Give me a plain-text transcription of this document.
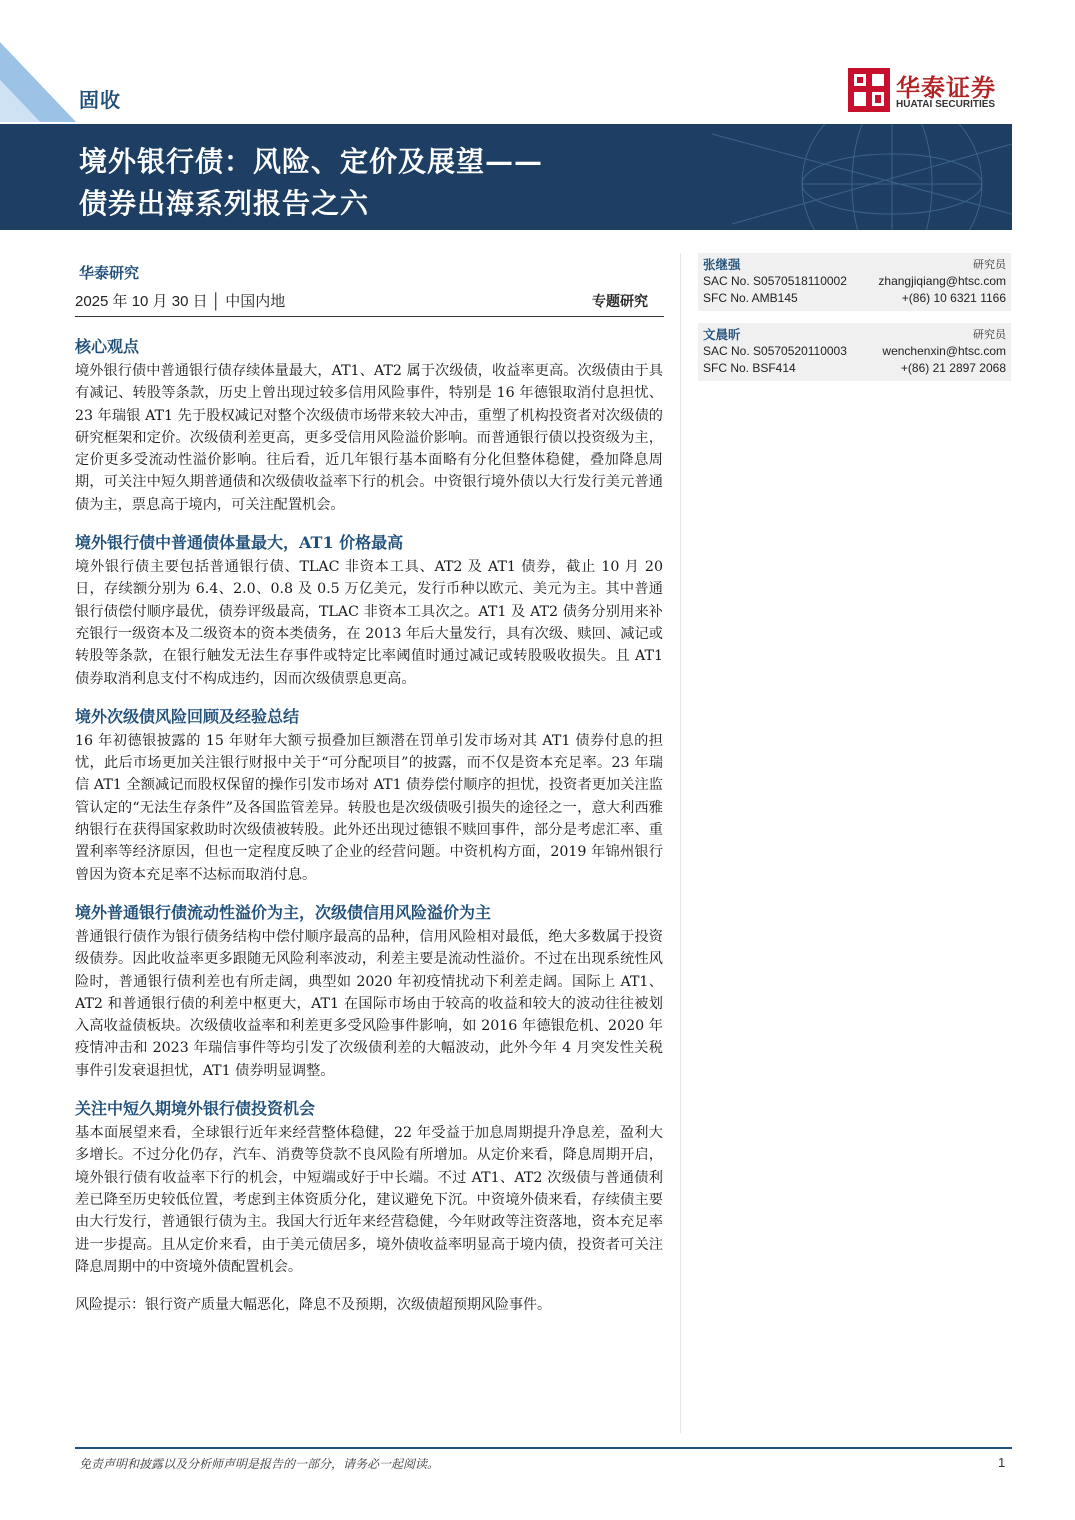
固收	华泰证券
HUATAI SECURITIES
境外银行债：风险、定价及展望——
债券出海系列报告之六
华泰研究
2025 年 10 月 30 日 │ 中国内地	专题研究
张继强	研究员
SAC No. S0570518110002	zhangjiqiang@htsc.com
SFC No. AMB145	+(86) 10 6321 1166
文晨昕	研究员
SAC No. S0570520110003	wenchenxin@htsc.com
SFC No. BSF414	+(86) 21 2897 2068
核心观点
境外银行债中普通银行债存续体量最大，AT1、AT2 属于次级债，收益率更高。次级债由于具有减记、转股等条款，历史上曾出现过较多信用风险事件，特别是 16 年德银取消付息担忧、23 年瑞银 AT1 先于股权减记对整个次级债市场带来较大冲击，重塑了机构投资者对次级债的研究框架和定价。次级债利差更高，更多受信用风险溢价影响。而普通银行债以投资级为主，定价更多受流动性溢价影响。往后看，近几年银行基本面略有分化但整体稳健，叠加降息周期，可关注中短久期普通债和次级债收益率下行的机会。中资银行境外债以大行发行美元普通债为主，票息高于境内，可关注配置机会。
境外银行债中普通债体量最大，AT1 价格最高
境外银行债主要包括普通银行债、TLAC 非资本工具、AT2 及 AT1 债券，截止 10 月 20 日，存续额分别为 6.4、2.0、0.8 及 0.5 万亿美元，发行币种以欧元、美元为主。其中普通银行债偿付顺序最优，债券评级最高，TLAC 非资本工具次之。AT1 及 AT2 债务分别用来补充银行一级资本及二级资本的资本类债务，在 2013 年后大量发行，具有次级、赎回、减记或转股等条款，在银行触发无法生存事件或特定比率阈值时通过减记或转股吸收损失。且 AT1 债券取消利息支付不构成违约，因而次级债票息更高。
境外次级债风险回顾及经验总结
16 年初德银披露的 15 年财年大额亏损叠加巨额潜在罚单引发市场对其 AT1 债券付息的担忧，此后市场更加关注银行财报中关于“可分配项目”的披露，而不仅是资本充足率。23 年瑞信 AT1 全额减记而股权保留的操作引发市场对 AT1 债券偿付顺序的担忧，投资者更加关注监管认定的“无法生存条件”及各国监管差异。转股也是次级债吸引损失的途径之一，意大利西雅纳银行在获得国家救助时次级债被转股。此外还出现过德银不赎回事件，部分是考虑汇率、重置利率等经济原因，但也一定程度反映了企业的经营问题。中资机构方面，2019 年锦州银行曾因为资本充足率不达标而取消付息。
境外普通银行债流动性溢价为主，次级债信用风险溢价为主
普通银行债作为银行债务结构中偿付顺序最高的品种，信用风险相对最低，绝大多数属于投资级债券。因此收益率更多跟随无风险利率波动，利差主要是流动性溢价。不过在出现系统性风险时，普通银行债利差也有所走阔，典型如 2020 年初疫情扰动下利差走阔。国际上 AT1、AT2 和普通银行债的利差中枢更大，AT1 在国际市场由于较高的收益和较大的波动往往被划入高收益债板块。次级债收益率和利差更多受风险事件影响，如 2016 年德银危机、2020 年疫情冲击和 2023 年瑞信事件等均引发了次级债利差的大幅波动，此外今年 4 月突发性关税事件引发衰退担忧，AT1 债券明显调整。
关注中短久期境外银行债投资机会
基本面展望来看，全球银行近年来经营整体稳健，22 年受益于加息周期提升净息差，盈利大多增长。不过分化仍存，汽车、消费等贷款不良风险有所增加。从定价来看，降息周期开启，境外银行债有收益率下行的机会，中短端或好于中长端。不过 AT1、AT2 次级债与普通债利差已降至历史较低位置，考虑到主体资质分化，建议避免下沉。中资境外债来看，存续债主要由大行发行，普通银行债为主。我国大行近年来经营稳健，今年财政等注资落地，资本充足率进一步提高。且从定价来看，由于美元债居多，境外债收益率明显高于境内债，投资者可关注降息周期中的中资境外债配置机会。
风险提示：银行资产质量大幅恶化，降息不及预期，次级债超预期风险事件。
免责声明和披露以及分析师声明是报告的一部分，请务必一起阅读。	1
